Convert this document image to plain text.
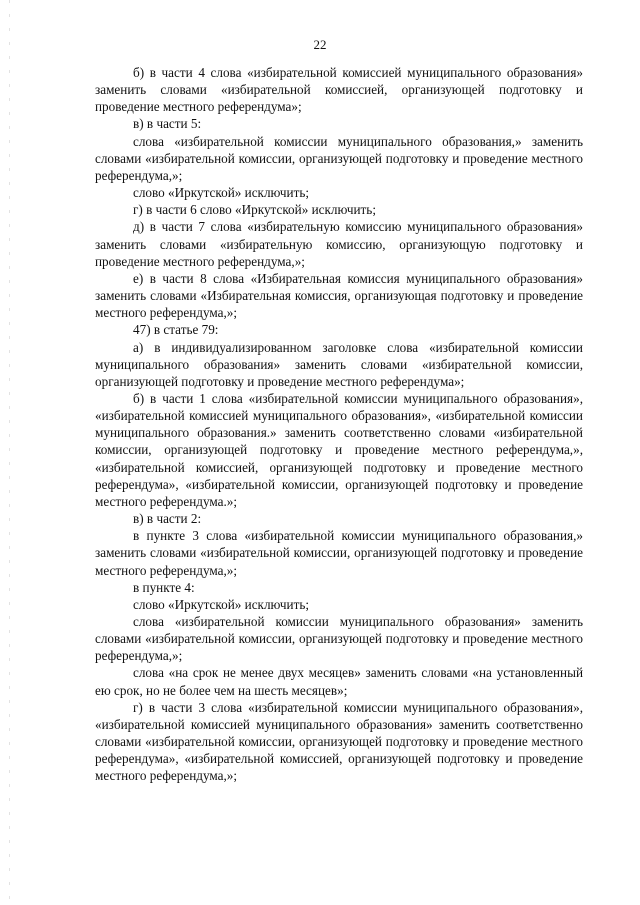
22

б) в части 4 слова «избирательной комиссией муниципального образования» заменить словами «избирательной комиссией, организующей подготовку и проведение местного референдума»;

в) в части 5:

слова «избирательной комиссии муниципального образования,» заменить словами «избирательной комиссии, организующей подготовку и проведение местного референдума,»;

слово «Иркутской» исключить;

г) в части 6 слово «Иркутской» исключить;

д) в части 7 слова «избирательную комиссию муниципального образования» заменить словами «избирательную комиссию, организующую подготовку и проведение местного референдума,»;

е) в части 8 слова «Избирательная комиссия муниципального образования» заменить словами «Избирательная комиссия, организующая подготовку и проведение местного референдума,»;

47) в статье 79:

а) в индивидуализированном заголовке слова «избирательной комиссии муниципального образования» заменить словами «избирательной комиссии, организующей подготовку и проведение местного референдума»;

б) в части 1 слова «избирательной комиссии муниципального образования», «избирательной комиссией муниципального образования», «избирательной комиссии муниципального образования.» заменить соответственно словами «избирательной комиссии, организующей подготовку и проведение местного референдума,», «избирательной комиссией, организующей подготовку и проведение местного референдума», «избирательной комиссии, организующей подготовку и проведение местного референдума.»;

в) в части 2:

в пункте 3 слова «избирательной комиссии муниципального образования,» заменить словами «избирательной комиссии, организующей подготовку и проведение местного референдума,»;

в пункте 4:

слово «Иркутской» исключить;

слова «избирательной комиссии муниципального образования» заменить словами «избирательной комиссии, организующей подготовку и проведение местного референдума,»;

слова «на срок не менее двух месяцев» заменить словами «на установленный ею срок, но не более чем на шесть месяцев»;

г) в части 3 слова «избирательной комиссии муниципального образования», «избирательной комиссией муниципального образования» заменить соответственно словами «избирательной комиссии, организующей подготовку и проведение местного референдума», «избирательной комиссией, организующей подготовку и проведение местного референдума,»;
